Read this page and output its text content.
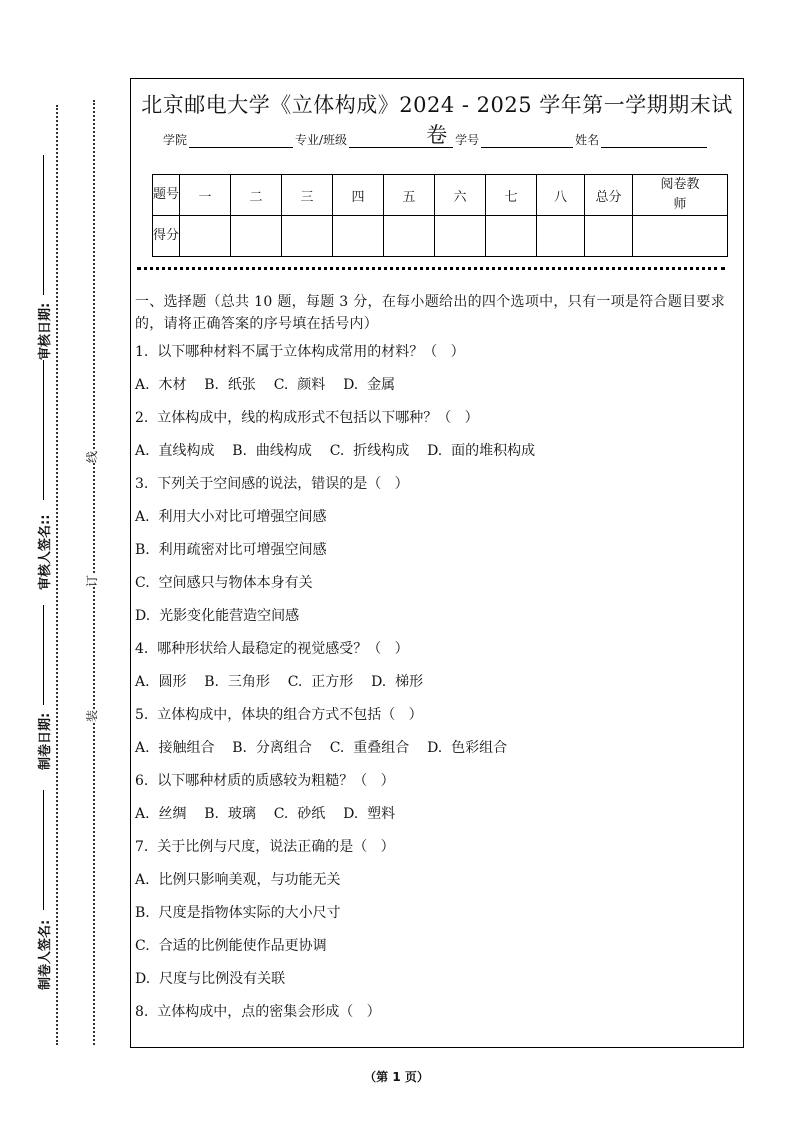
审核日期:
审核人签名::
制卷日期:
制卷人签名:
线
订
装
北京邮电大学《立体构成》2024 - 2025 学年第一学期期末试卷
学院	专业/班级	学号	姓名
题号	一	二	三	四	五	六	七	八	总分	阅卷教师
得分										
一、选择题（总共 10 题，每题 3 分，在每小题给出的四个选项中，只有一项是符合题目要求的，请将正确答案的序号填在括号内）
1.  以下哪种材料不属于立体构成常用的材料？（   ）
A.  木材    B.  纸张    C.  颜料    D.  金属
2.  立体构成中，线的构成形式不包括以下哪种？（   ）
A.  直线构成    B.  曲线构成    C.  折线构成    D.  面的堆积构成
3.  下列关于空间感的说法，错误的是（   ）
A.  利用大小对比可增强空间感
B.  利用疏密对比可增强空间感
C.  空间感只与物体本身有关
D.  光影变化能营造空间感
4.  哪种形状给人最稳定的视觉感受？（   ）
A.  圆形    B.  三角形    C.  正方形    D.  梯形
5.  立体构成中，体块的组合方式不包括（   ）
A.  接触组合    B.  分离组合    C.  重叠组合    D.  色彩组合
6.  以下哪种材质的质感较为粗糙？（   ）
A.  丝绸    B.  玻璃    C.  砂纸    D.  塑料
7.  关于比例与尺度，说法正确的是（   ）
A.  比例只影响美观，与功能无关
B.  尺度是指物体实际的大小尺寸
C.  合适的比例能使作品更协调
D.  尺度与比例没有关联
8.  立体构成中，点的密集会形成（   ）
（第 1 页）
